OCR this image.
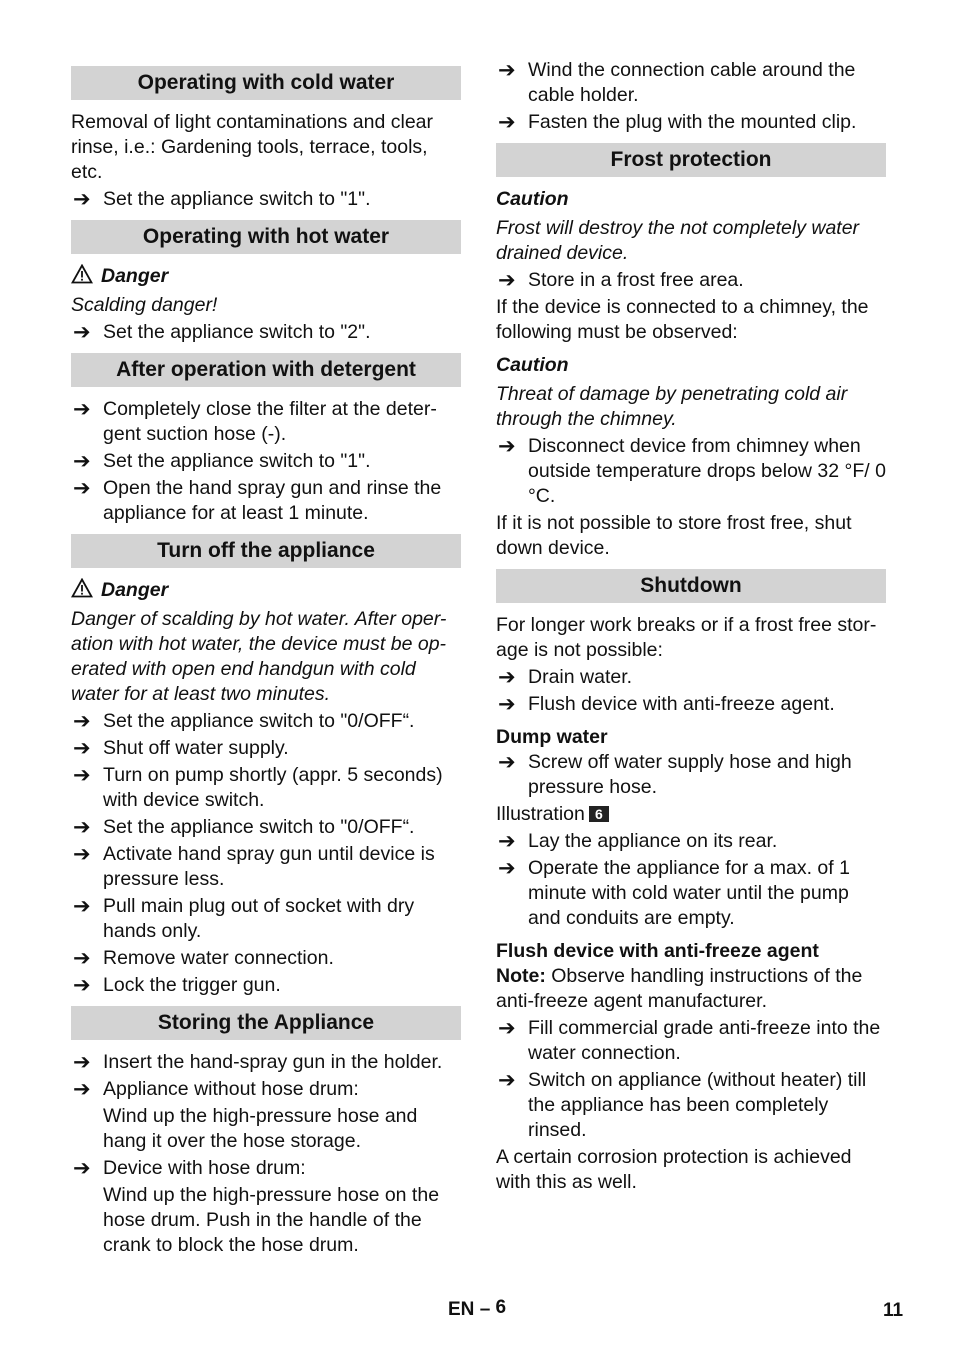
Operating with cold water
Removal of light contaminations and clear rinse, i.e.: Gardening tools, terrace, tools, etc.
➔ Set the appliance switch to "1".
Operating with hot water
Danger
Scalding danger!
➔ Set the appliance switch to "2".
After operation with detergent
➔ Completely close the filter at the deter-gent suction hose (-).
➔ Set the appliance switch to "1".
➔ Open the hand spray gun and rinse the appliance for at least 1 minute.
Turn off the appliance
Danger
Danger of scalding by hot water. After oper-ation with hot water, the device must be op-erated with open end handgun with cold water for at least two minutes.
➔ Set the appliance switch to "0/OFF“.
➔ Shut off water supply.
➔ Turn on pump shortly (appr. 5 seconds) with device switch.
➔ Set the appliance switch to "0/OFF“.
➔ Activate hand spray gun until device is pressure less.
➔ Pull main plug out of socket with dry hands only.
➔ Remove water connection.
➔ Lock the trigger gun.
Storing the Appliance
➔ Insert the hand-spray gun in the holder.
➔ Appliance without hose drum:
Wind up the high-pressure hose and hang it over the hose storage.
➔ Device with hose drum:
Wind up the high-pressure hose on the hose drum. Push in the handle of the crank to block the hose drum.
➔ Wind the connection cable around the cable holder.
➔ Fasten the plug with the mounted clip.
Frost protection
Caution
Frost will destroy the not completely water drained device.
➔ Store in a frost free area.
If the device is connected to a chimney, the following must be observed:
Caution
Threat of damage by penetrating cold air through the chimney.
➔ Disconnect device from chimney when outside temperature drops below 32 °F/ 0 °C.
If it is not possible to store frost free, shut down device.
Shutdown
For longer work breaks or if a frost free stor-age is not possible:
➔ Drain water.
➔ Flush device with anti-freeze agent.
Dump water
➔ Screw off water supply hose and high pressure hose.
Illustration 6
➔ Lay the appliance on its rear.
➔ Operate the appliance for a max. of 1 minute with cold water until the pump and conduits are empty.
Flush device with anti-freeze agent
Note: Observe handling instructions of the anti-freeze agent manufacturer.
➔ Fill commercial grade anti-freeze into the water connection.
➔ Switch on appliance (without heater) till the appliance has been completely rinsed.
A certain corrosion protection is achieved with this as well.
EN – 6	11
